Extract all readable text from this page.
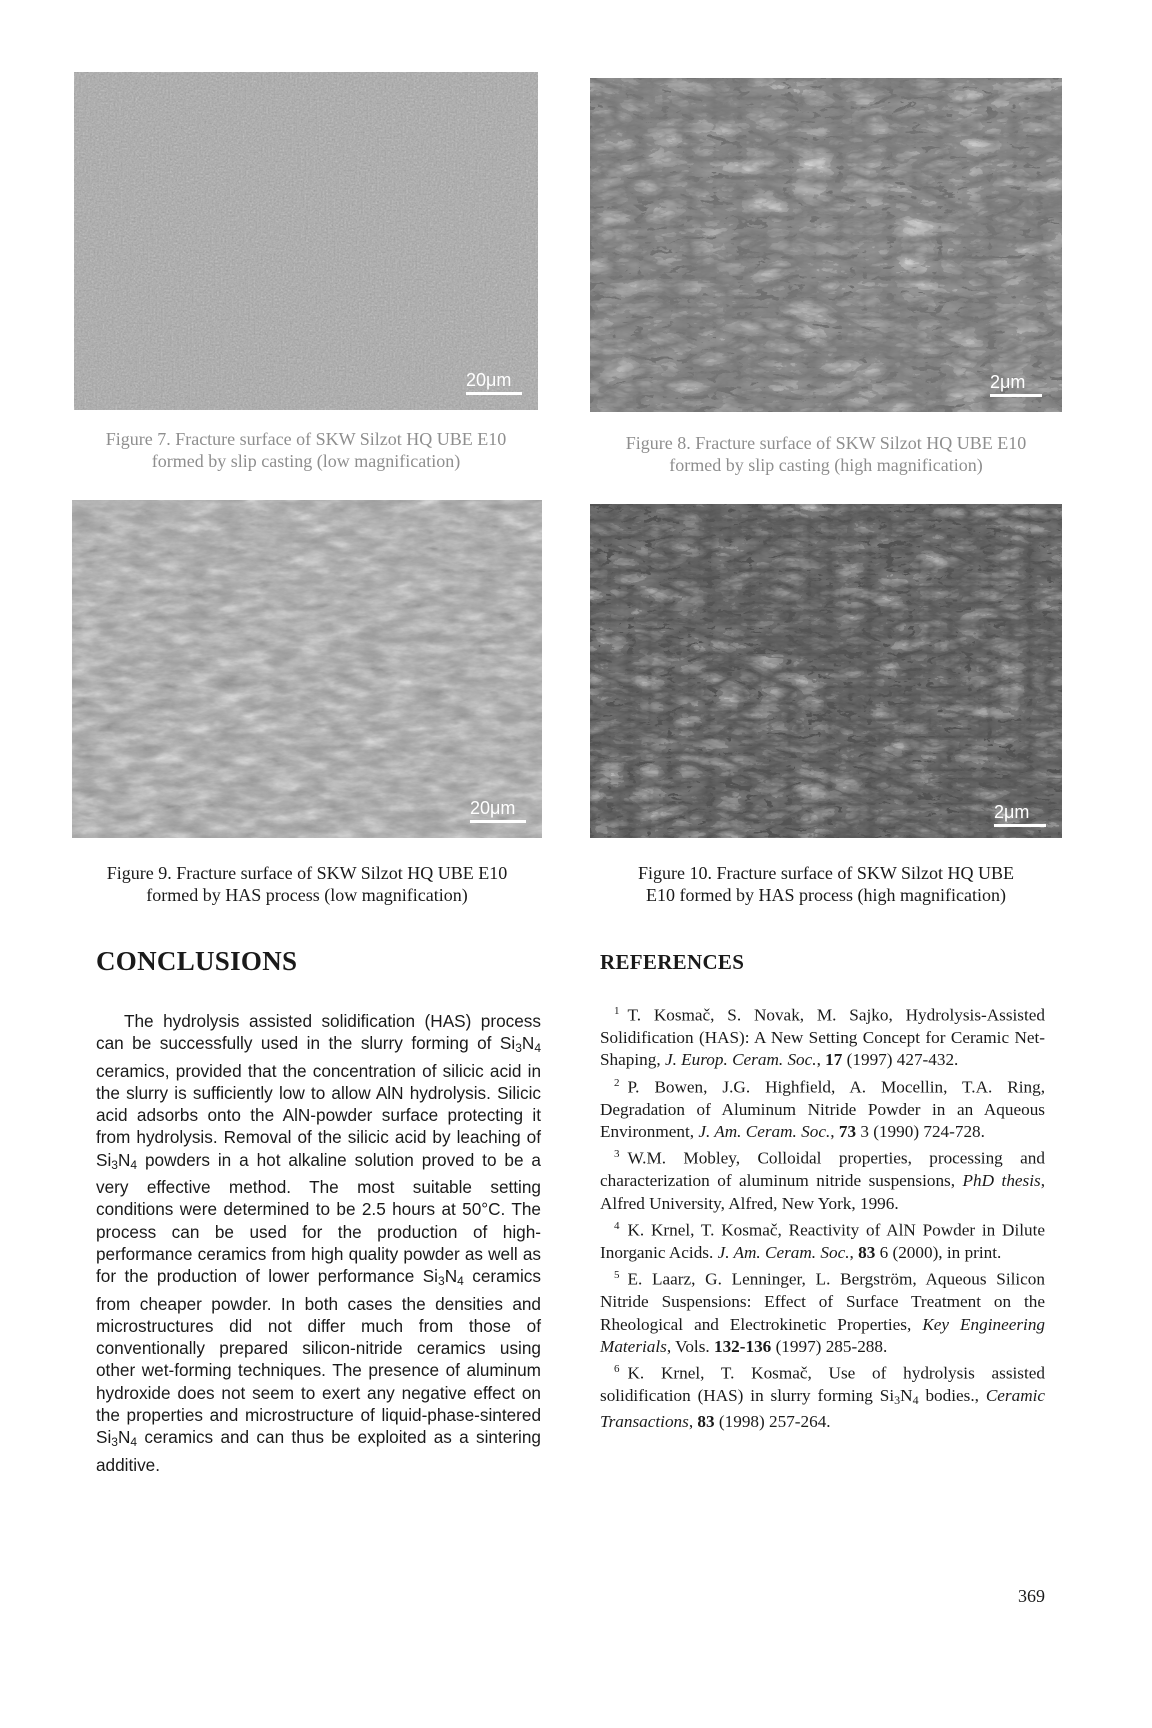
20μm
Figure 7. Fracture surface of SKW Silzot HQ UBE E10
formed by slip casting (low magnification)
2μm
Figure 8. Fracture surface of SKW Silzot HQ UBE E10
formed by slip casting (high magnification)
20μm
Figure 9. Fracture surface of SKW Silzot HQ UBE E10
formed by HAS process (low magnification)
2μm
Figure 10. Fracture surface of SKW Silzot HQ UBE
E10 formed by HAS process (high magnification)
CONCLUSIONS

The hydrolysis assisted solidification (HAS) process can be successfully used in the slurry forming of $Si_3N_4$ ceramics, provided that the concentration of silicic acid in the slurry is sufficiently low to allow AlN hydrolysis. Silicic acid adsorbs onto the AlN-powder surface protecting it from hydrolysis. Removal of the silicic acid by leaching of $Si_3N_4$ powders in a hot alkaline solution proved to be a very effective method. The most suitable setting conditions were determined to be 2.5 hours at 50°C. The process can be used for the production of high-performance ceramics from high quality powder as well as for the production of lower performance $Si_3N_4$ ceramics from cheaper powder. In both cases the densities and microstructures did not differ much from those of conventionally prepared silicon-nitride ceramics using other wet-forming techniques. The presence of aluminum hydroxide does not seem to exert any negative effect on the properties and microstructure of liquid-phase-sintered $Si_3N_4$ ceramics and can thus be exploited as a sintering additive.

REFERENCES

$^1$ T. Kosmač, S. Novak, M. Sajko, Hydrolysis-Assisted Solidification (HAS): A New Setting Concept for Ceramic Net-Shaping, J. Europ. Ceram. Soc., 17 (1997) 427-432.

$^2$ P. Bowen, J.G. Highfield, A. Mocellin, T.A. Ring, Degradation of Aluminum Nitride Powder in an Aqueous Environment, J. Am. Ceram. Soc., 73 3 (1990) 724-728.

$^3$ W.M. Mobley, Colloidal properties, processing and characterization of aluminum nitride suspensions, PhD thesis, Alfred University, Alfred, New York, 1996.

$^4$ K. Krnel, T. Kosmač, Reactivity of AlN Powder in Dilute Inorganic Acids. J. Am. Ceram. Soc., 83 6 (2000), in print.

$^5$ E. Laarz, G. Lenninger, L. Bergström, Aqueous Silicon Nitride Suspensions: Effect of Surface Treatment on the Rheological and Electrokinetic Properties, Key Engineering Materials, Vols. 132-136 (1997) 285-288.

$^6$ K. Krnel, T. Kosmač, Use of hydrolysis assisted solidification (HAS) in slurry forming $Si_3N_4$ bodies., Ceramic Transactions, 83 (1998) 257-264.

369
